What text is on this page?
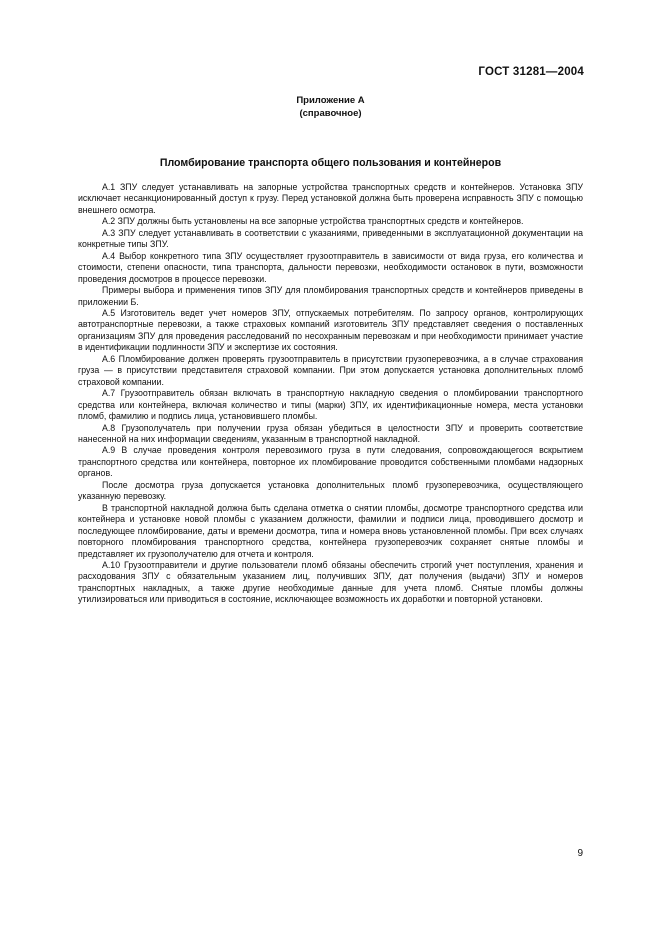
ГОСТ 31281—2004
Приложение А
(справочное)
Пломбирование транспорта общего пользования и контейнеров

А.1 ЗПУ следует устанавливать на запорные устройства транспортных средств и контейнеров. Установка ЗПУ исключает несанкционированный доступ к грузу. Перед установкой должна быть проверена исправность ЗПУ с помощью внешнего осмотра.

А.2 ЗПУ должны быть установлены на все запорные устройства транспортных средств и контейнеров.

А.3 ЗПУ следует устанавливать в соответствии с указаниями, приведенными в эксплуатационной документации на конкретные типы ЗПУ.

А.4 Выбор конкретного типа ЗПУ осуществляет грузоотправитель в зависимости от вида груза, его количества и стоимости, степени опасности, типа транспорта, дальности перевозки, необходимости остановок в пути, возможности проведения досмотров в процессе перевозки.

Примеры выбора и применения типов ЗПУ для пломбирования транспортных средств и контейнеров приведены в приложении Б.

А.5 Изготовитель ведет учет номеров ЗПУ, отпускаемых потребителям. По запросу органов, контролирующих автотранспортные перевозки, а также страховых компаний изготовитель ЗПУ представляет сведения о поставленных организациям ЗПУ для проведения расследований по несохранным перевозкам и при необходимости принимает участие в идентификации подлинности ЗПУ и экспертизе их состояния.

А.6 Пломбирование должен проверять грузоотправитель в присутствии грузоперевозчика, а в случае страхования груза — в присутствии представителя страховой компании. При этом допускается установка дополнительных пломб страховой компании.

А.7 Грузоотправитель обязан включать в транспортную накладную сведения о пломбировании транспортного средства или контейнера, включая количество и типы (марки) ЗПУ, их идентификационные номера, места установки пломб, фамилию и подпись лица, установившего пломбы.

А.8 Грузополучатель при получении груза обязан убедиться в целостности ЗПУ и проверить соответствие нанесенной на них информации сведениям, указанным в транспортной накладной.

А.9 В случае проведения контроля перевозимого груза в пути следования, сопровождающегося вскрытием транспортного средства или контейнера, повторное их пломбирование проводится собственными пломбами надзорных органов.

После досмотра груза допускается установка дополнительных пломб грузоперевозчика, осуществляющего указанную перевозку.

В транспортной накладной должна быть сделана отметка о снятии пломбы, досмотре транспортного средства или контейнера и установке новой пломбы с указанием должности, фамилии и подписи лица, проводившего досмотр и последующее пломбирование, даты и времени досмотра, типа и номера вновь установленной пломбы. При всех случаях повторного пломбирования транспортного средства, контейнера грузоперевозчик сохраняет снятые пломбы и представляет их грузополучателю для отчета и контроля.

А.10 Грузоотправители и другие пользователи пломб обязаны обеспечить строгий учет поступления, хранения и расходования ЗПУ с обязательным указанием лиц, получивших ЗПУ, дат получения (выдачи) ЗПУ и номеров транспортных накладных, а также другие необходимые данные для учета пломб. Снятые пломбы должны утилизироваться или приводиться в состояние, исключающее возможность их доработки и повторной установки.

9
